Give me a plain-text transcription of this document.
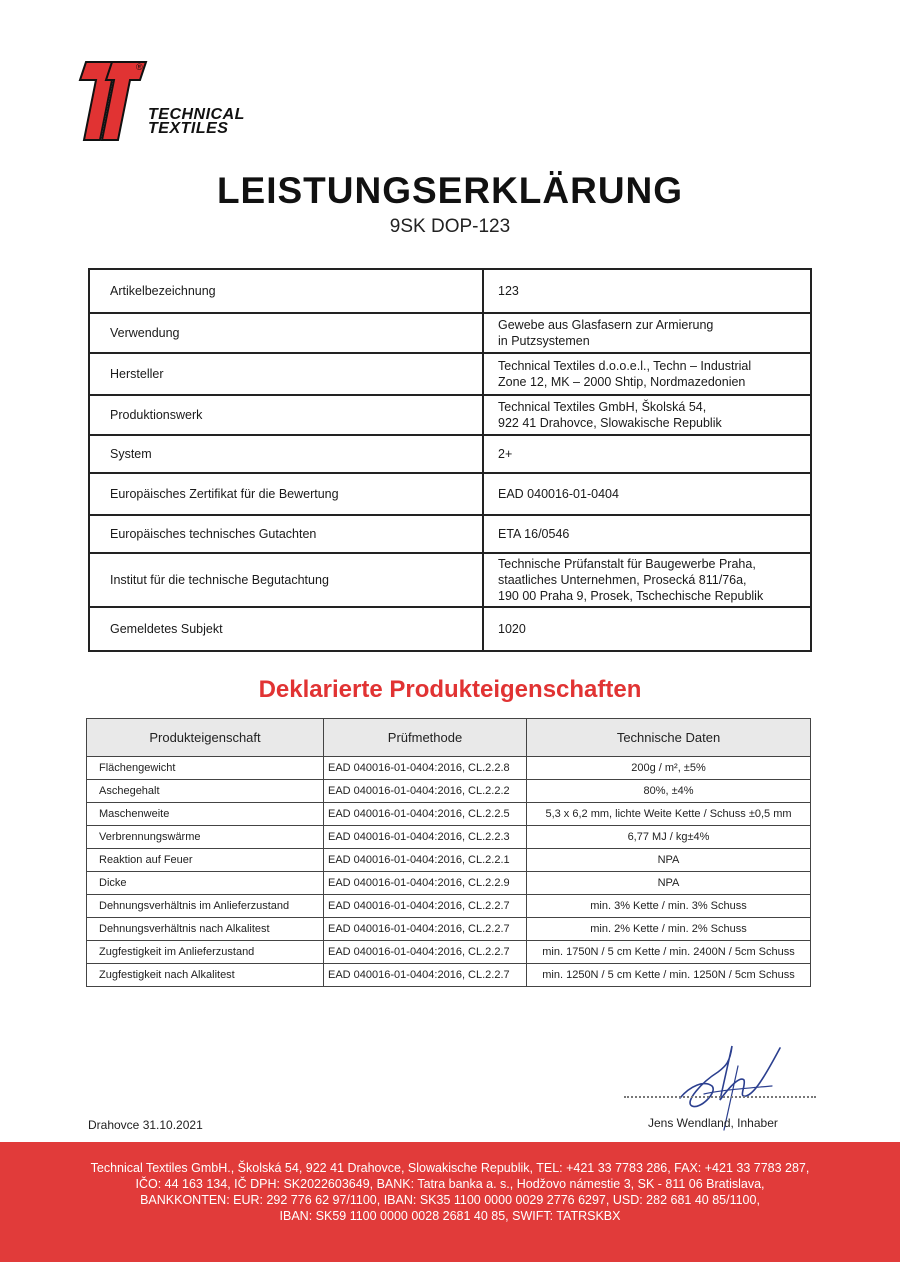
®
TECHNICAL
TEXTILES
LEISTUNGSERKLÄRUNG
9SK DOP-123
Artikelbezeichnung	123

Verwendung	Gewebe aus Glasfasern zur Armierung
in Putzsystemen

Hersteller	Technical Textiles d.o.o.e.l., Techn – Industrial
Zone 12, MK – 2000 Shtip, Nordmazedonien

Produktionswerk	Technical Textiles GmbH, Školská 54,
922 41 Drahovce, Slowakische Republik

System	2+

Europäisches Zertifikat für die Bewertung	EAD 040016-01-0404

Europäisches technisches Gutachten	ETA 16/0546

Institut für die technische Begutachtung	Technische Prüfanstalt für Baugewerbe Praha,
staatliches Unternehmen, Prosecká 811/76a,
190 00 Praha 9, Prosek, Tschechische Republik

Gemeldetes Subjekt	1020
Deklarierte Produkteigenschaften
Produkteigenschaft	Prüfmethode	Technische Daten
Flächengewicht	EAD 040016-01-0404:2016, CL.2.2.8	200g / m², ±5%
Aschegehalt	EAD 040016-01-0404:2016, CL.2.2.2	80%, ±4%
Maschenweite	EAD 040016-01-0404:2016, CL.2.2.5	5,3 x 6,2 mm, lichte Weite Kette / Schuss ±0,5 mm
Verbrennungswärme	EAD 040016-01-0404:2016, CL.2.2.3	6,77 MJ / kg±4%
Reaktion auf Feuer	EAD 040016-01-0404:2016, CL.2.2.1	NPA
Dicke	EAD 040016-01-0404:2016, CL.2.2.9	NPA
Dehnungsverhältnis im Anlieferzustand	EAD 040016-01-0404:2016, CL.2.2.7	min. 3% Kette / min. 3% Schuss
Dehnungsverhältnis nach Alkalitest	EAD 040016-01-0404:2016, CL.2.2.7	min. 2% Kette / min. 2% Schuss
Zugfestigkeit im Anlieferzustand	EAD 040016-01-0404:2016, CL.2.2.7	min. 1750N / 5 cm Kette / min. 2400N / 5cm Schuss
Zugfestigkeit nach Alkalitest	EAD 040016-01-0404:2016, CL.2.2.7	min. 1250N / 5 cm Kette / min. 1250N / 5cm Schuss
Jens Wendland, Inhaber
Drahovce 31.10.2021
Technical Textiles GmbH., Školská 54, 922 41 Drahovce, Slowakische Republik, TEL: +421 33 7783 286, FAX: +421 33 7783 287,
IČO: 44 163 134, IČ DPH: SK2022603649, BANK: Tatra banka a. s., Hodžovo námestie 3, SK - 811 06 Bratislava,
BANKKONTEN: EUR: 292 776 62 97/1100, IBAN: SK35 1100 0000 0029 2776 6297, USD: 282 681 40 85/1100,
IBAN: SK59 1100 0000 0028 2681 40 85, SWIFT: TATRSKBX
